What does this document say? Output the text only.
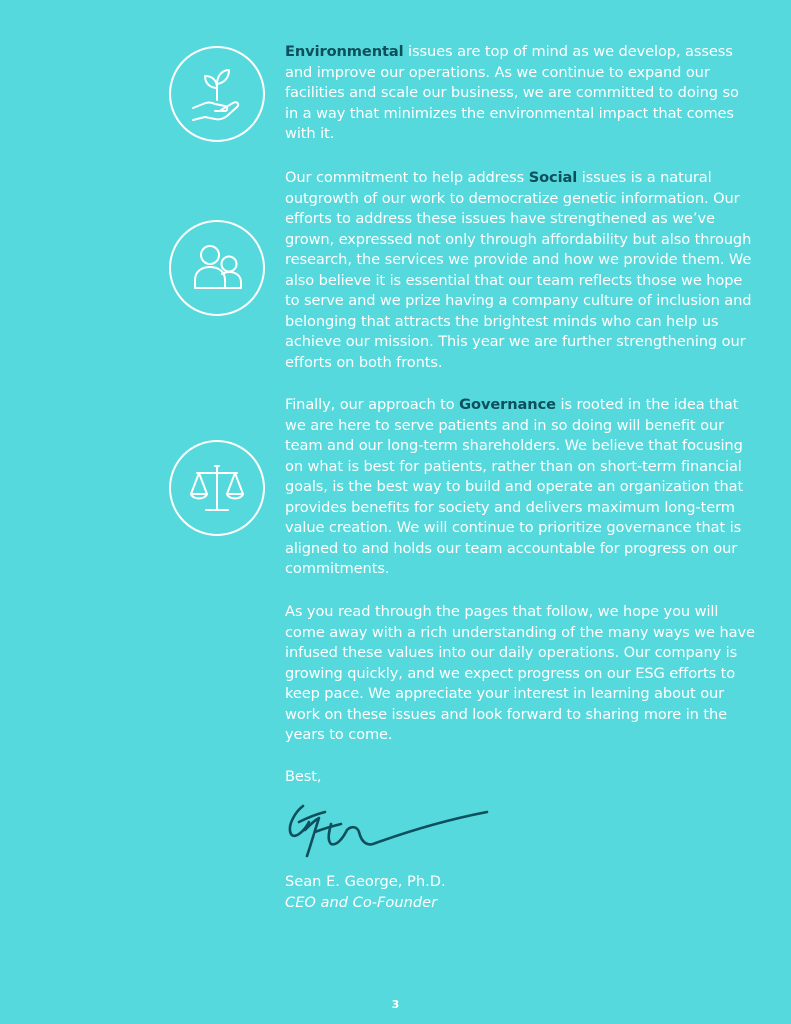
Environmental issues are top of mind as we develop, assess and improve our operations. As we continue to expand our facilities and scale our business, we are committed to doing so in a way that minimizes the environmental impact that comes with it.

Our commitment to help address Social issues is a natural outgrowth of our work to democratize genetic information. Our efforts to address these issues have strengthened as we’ve grown, expressed not only through affordability but also through research, the services we provide and how we provide them. We also believe it is essential that our team reflects those we hope to serve and we prize having a company culture of inclusion and belonging that attracts the brightest minds who can help us achieve our mission. This year we are further strengthening our efforts on both fronts.

Finally, our approach to Governance is rooted in the idea that we are here to serve patients and in so doing will benefit our team and our long-term shareholders. We believe that focusing on what is best for patients, rather than on short-term financial goals, is the best way to build and operate an organization that provides benefits for society and delivers maximum long-term value creation. We will continue to prioritize governance that is aligned to and holds our team accountable for progress on our commitments.

As you read through the pages that follow, we hope you will come away with a rich understanding of the many ways we have infused these values into our daily operations. Our company is growing quickly, and we expect progress on our ESG efforts to keep pace. We appreciate your interest in learning about our work on these issues and look forward to sharing more in the years to come.

Best,

Sean E. George, Ph.D.
CEO and Co-Founder
3
